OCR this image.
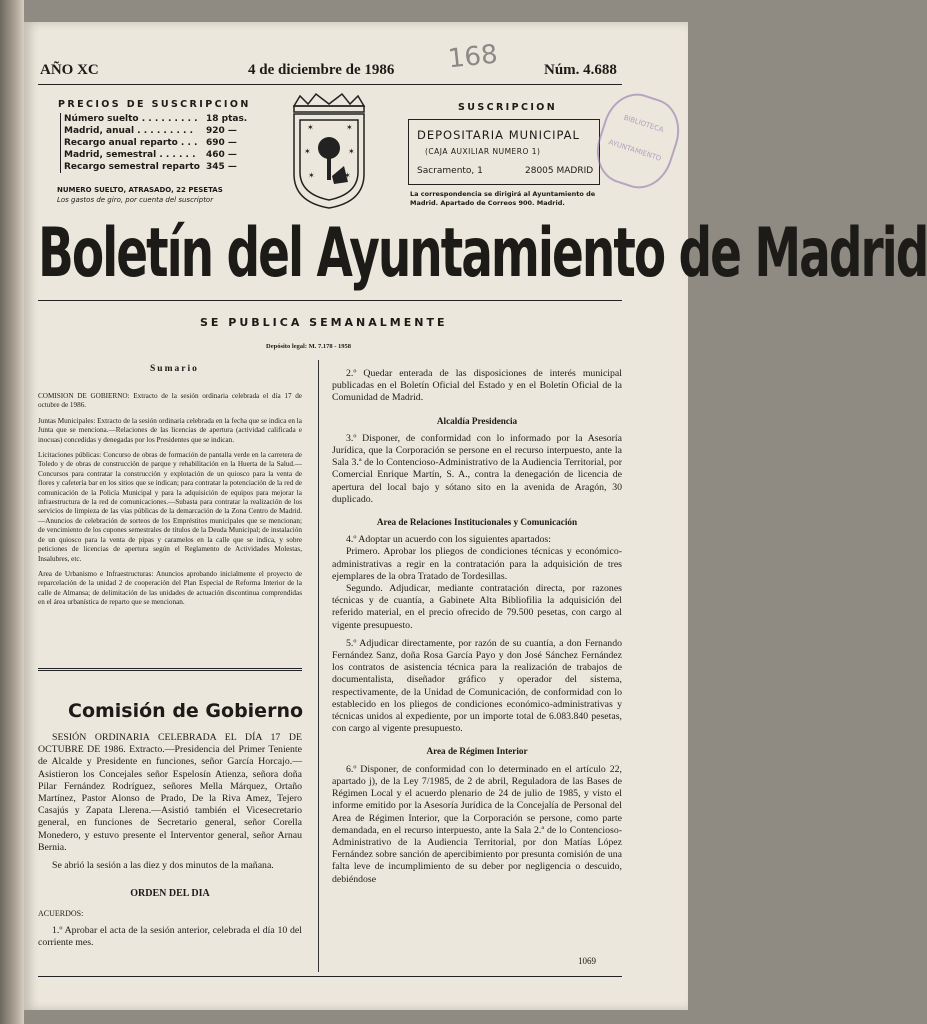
AÑO XC	4 de diciembre de 1986	Núm. 4.688
168
PRECIOS DE SUSCRIPCION
Número suelto . . . . . . . . .	18 ptas.
Madrid, anual . . . . . . . . .	920 —
Recargo anual reparto . . .	690 —
Madrid, semestral . . . . . .	460 —
Recargo semestral reparto	345 —
NUMERO SUELTO, ATRASADO, 22 PESETAS
Los gastos de giro, por cuenta del suscriptor
✶	✶
✶	✶
✶	✶
SUSCRIPCION
DEPOSITARIA MUNICIPAL
(CAJA AUXILIAR NUMERO 1)
Sacramento, 1	28005 MADRID
La correspondencia se dirigirá al Ayuntamiento de Madrid. Apartado de Correos 900. Madrid.
BIBLIOTECA
AYUNTAMIENTO
Boletín del Ayuntamiento de Madrid
SE PUBLICA SEMANALMENTE
Depósito legal: M. 7.178 - 1958
Sumario

COMISION DE GOBIERNO: Extracto de la sesión ordinaria celebrada el día 17 de octubre de 1986.

Juntas Municipales: Extracto de la sesión ordinaria celebrada en la fecha que se indica en la Junta que se menciona.—Relaciones de las licencias de apertura (actividad calificada e inocuas) concedidas y denegadas por los Presidentes que se indican.

Licitaciones públicas: Concurso de obras de formación de pantalla verde en la carretera de Toledo y de obras de construcción de parque y rehabilitación en la Huerta de la Salud.—Concursos para contratar la construcción y explotación de un quiosco para la venta de flores y cafetería bar en los sitios que se indican; para contratar la potenciación de la red de comunicación de la Policía Municipal y para la adquisición de equipos para mejorar la infraestructura de la red de comunicaciones.—Subasta para contratar la realización de los servicios de limpieza de las vías públicas de la demarcación de la Zona Centro de Madrid.—Anuncios de celebración de sorteos de los Empréstitos municipales que se mencionan; de vencimiento de los cupones semestrales de títulos de la Deuda Municipal; de instalación de un quiosco para la venta de pipas y caramelos en la calle que se indica, y sobre peticiones de licencias de apertura según el Reglamento de Actividades Molestas, Insalubres, etc.

Area de Urbanismo e Infraestructuras: Anuncios aprobando inicialmente el proyecto de reparcelación de la unidad 2 de cooperación del Plan Especial de Reforma Interior de la calle de Almansa; de delimitación de las unidades de actuación discontinua comprendidas en el área urbanística de reparto que se mencionan.

Comisión de Gobierno

SESIÓN ORDINARIA CELEBRADA EL DÍA 17 DE OCTUBRE DE 1986. Extracto.—Presidencia del Primer Teniente de Alcalde y Presidente en funciones, señor García Horcajo.—Asistieron los Concejales señor Espelosín Atienza, señora doña Pilar Fernández Rodríguez, señores Mella Márquez, Ortaño Martínez, Pastor Alonso de Prado, De la Riva Amez, Tejero Casajús y Zapata Llerena.—Asistió también el Vicesecretario general, en funciones de Secretario general, señor Corella Monedero, y estuvo presente el Interventor general, señor Arnau Bernia.

Se abrió la sesión a las diez y dos minutos de la mañana.

ORDEN DEL DIA

ACUERDOS:

1.º Aprobar el acta de la sesión anterior, celebrada el día 10 del corriente mes.

2.º Quedar enterada de las disposiciones de interés municipal publicadas en el Boletín Oficial del Estado y en el Boletín Oficial de la Comunidad de Madrid.

Alcaldía Presidencia

3.º Disponer, de conformidad con lo informado por la Asesoría Jurídica, que la Corporación se persone en el recurso interpuesto, ante la Sala 3.ª de lo Contencioso-Administrativo de la Audiencia Territorial, por Comercial Enrique Martín, S. A., contra la denegación de licencia de apertura del local bajo y sótano sito en la avenida de Aragón, 30 duplicado.

Area de Relaciones Institucionales y Comunicación

4.º Adoptar un acuerdo con los siguientes apartados:

Primero. Aprobar los pliegos de condiciones técnicas y económico-administrativas a regir en la contratación para la adquisición de tres ejemplares de la obra Tratado de Tordesillas.

Segundo. Adjudicar, mediante contratación directa, por razones técnicas y de cuantía, a Gabinete Alta Bibliofilia la adquisición del referido material, en el precio ofrecido de 79.500 pesetas, con cargo al vigente presupuesto.

5.º Adjudicar directamente, por razón de su cuantía, a don Fernando Fernández Sanz, doña Rosa García Payo y don José Sánchez Fernández los contratos de asistencia técnica para la realización de trabajos de documentalista, diseñador gráfico y operador del sistema, respectivamente, de la Unidad de Comunicación, de conformidad con lo establecido en los pliegos de condiciones económico-administrativas y técnicas unidos al expediente, por un importe total de 6.083.840 pesetas, con cargo al vigente presupuesto.

Area de Régimen Interior

6.º Disponer, de conformidad con lo determinado en el artículo 22, apartado j), de la Ley 7/1985, de 2 de abril, Reguladora de las Bases de Régimen Local y el acuerdo plenario de 24 de julio de 1985, y visto el informe emitido por la Asesoría Jurídica de la Concejalía de Personal del Area de Régimen Interior, que la Corporación se persone, como parte demandada, en el recurso interpuesto, ante la Sala 2.ª de lo Contencioso-Administrativo de la Audiencia Territorial, por don Matías López Fernández sobre sanción de apercibimiento por presunta comisión de una falta leve de incumplimiento de su deber por negligencia o descuido, debiéndose

1069
